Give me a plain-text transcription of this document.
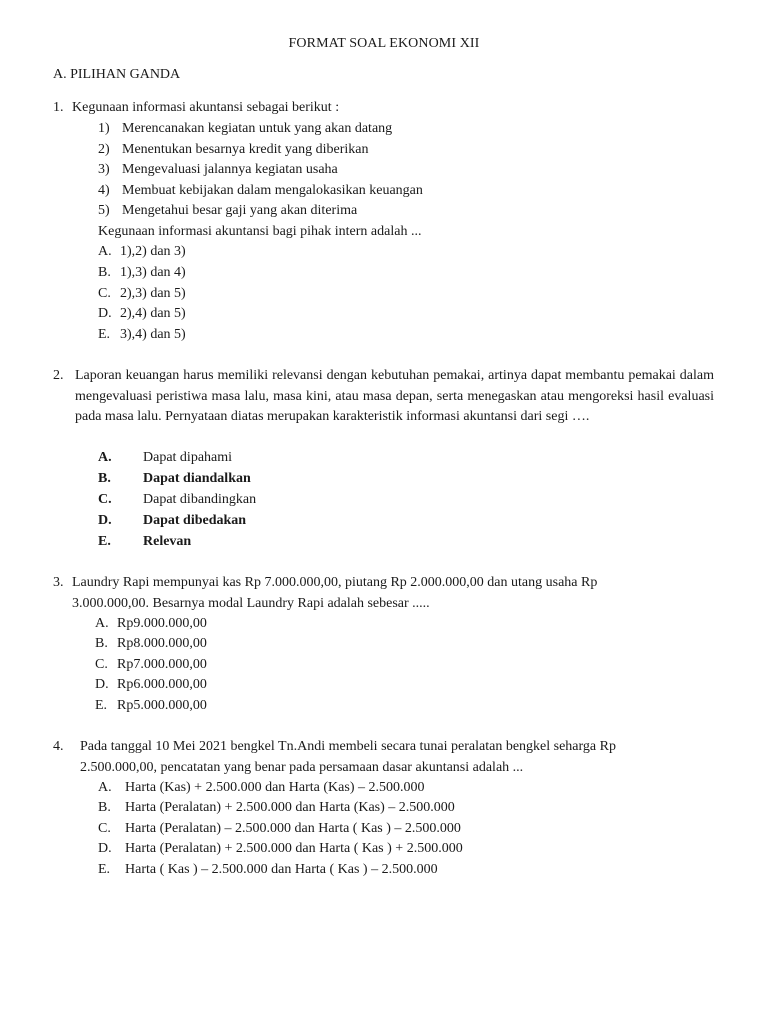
FORMAT SOAL EKONOMI XII
A. PILIHAN GANDA
1. Kegunaan informasi akuntansi sebagai berikut :
1) Merencanakan kegiatan untuk yang akan datang
2) Menentukan besarnya kredit yang diberikan
3) Mengevaluasi jalannya kegiatan usaha
4) Membuat kebijakan dalam mengalokasikan keuangan
5) Mengetahui besar gaji yang akan diterima
Kegunaan informasi akuntansi bagi pihak intern adalah ...
A. 1),2) dan 3)
B. 1),3) dan 4)
C. 2),3) dan 5)
D. 2),4) dan 5)
E. 3),4) dan 5)
2. Laporan keuangan harus memiliki relevansi dengan kebutuhan pemakai, artinya dapat membantu pemakai dalam mengevaluasi peristiwa masa lalu, masa kini, atau masa depan, serta menegaskan atau mengoreksi hasil evaluasi pada masa lalu. Pernyataan diatas merupakan karakteristik informasi akuntansi dari segi ….
A. Dapat dipahami
B. Dapat diandalkan
C. Dapat dibandingkan
D. Dapat dibedakan
E. Relevan
3. Laundry Rapi mempunyai kas Rp 7.000.000,00, piutang Rp 2.000.000,00 dan utang usaha Rp
3.000.000,00. Besarnya modal Laundry Rapi adalah sebesar .....
A. Rp9.000.000,00
B. Rp8.000.000,00
C. Rp7.000.000,00
D. Rp6.000.000,00
E. Rp5.000.000,00
4. Pada tanggal 10 Mei 2021 bengkel Tn.Andi membeli secara tunai peralatan bengkel seharga Rp
2.500.000,00, pencatatan yang benar pada persamaan dasar akuntansi adalah ...
A. Harta (Kas) + 2.500.000 dan Harta (Kas) – 2.500.000
B. Harta (Peralatan) + 2.500.000 dan Harta (Kas) – 2.500.000
C. Harta (Peralatan) – 2.500.000 dan Harta ( Kas ) – 2.500.000
D. Harta (Peralatan) + 2.500.000 dan Harta ( Kas ) + 2.500.000
E. Harta ( Kas ) – 2.500.000 dan Harta ( Kas ) – 2.500.000
